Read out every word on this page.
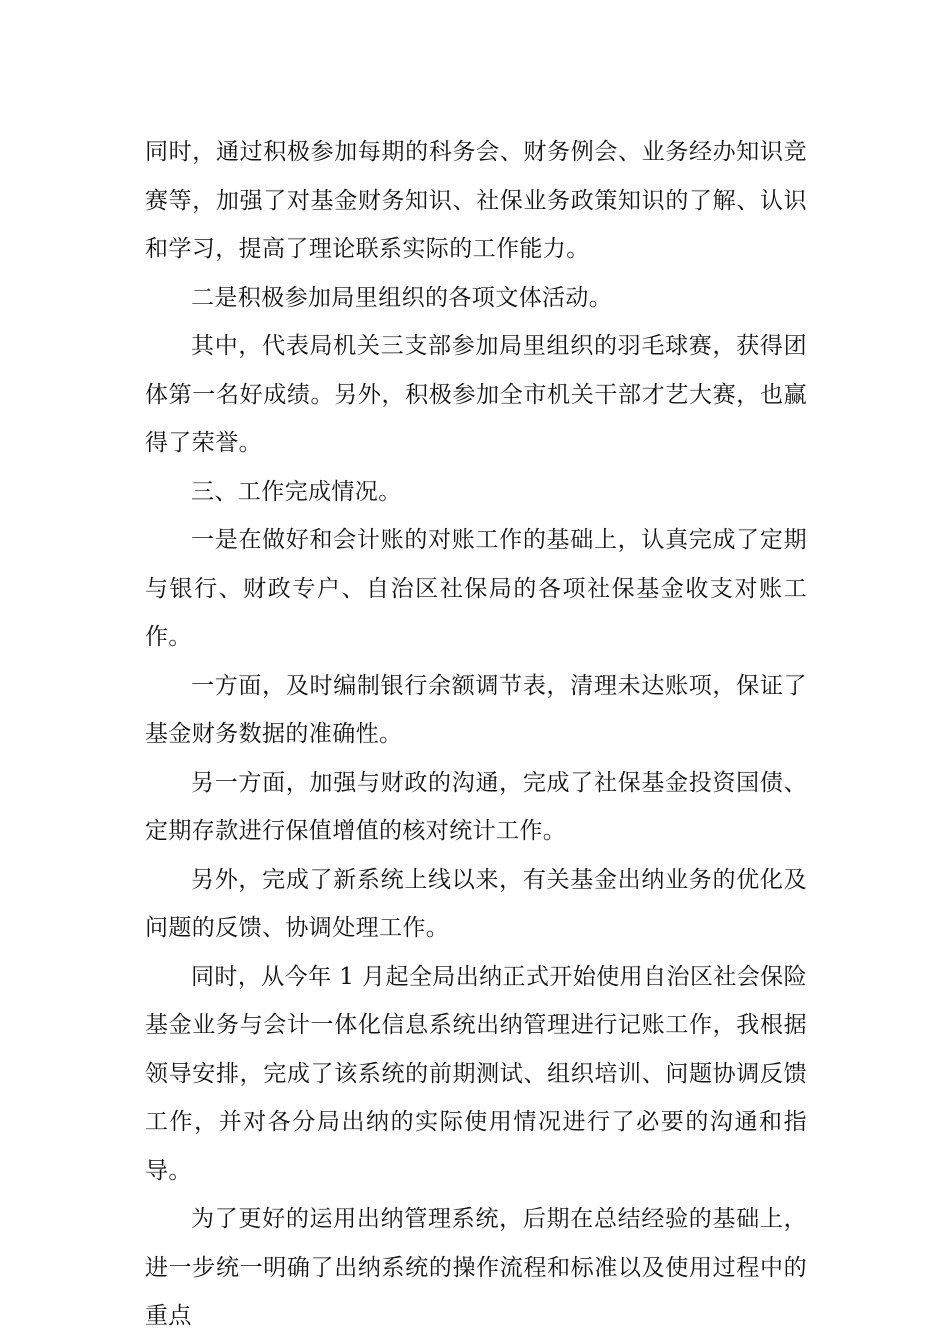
同时，通过积极参加每期的科务会、财务例会、业务经办知识竞赛等，加强了对基金财务知识、社保业务政策知识的了解、认识和学习，提高了理论联系实际的工作能力。

二是积极参加局里组织的各项文体活动。

其中，代表局机关三支部参加局里组织的羽毛球赛，获得团体第一名好成绩。另外，积极参加全市机关干部才艺大赛，也赢得了荣誉。

三、工作完成情况。

一是在做好和会计账的对账工作的基础上，认真完成了定期与银行、财政专户、自治区社保局的各项社保基金收支对账工作。

一方面，及时编制银行余额调节表，清理未达账项，保证了基金财务数据的准确性。

另一方面，加强与财政的沟通，完成了社保基金投资国债、定期存款进行保值增值的核对统计工作。

另外，完成了新系统上线以来，有关基金出纳业务的优化及问题的反馈、协调处理工作。

同时，从今年 1 月起全局出纳正式开始使用自治区社会保险基金业务与会计一体化信息系统出纳管理进行记账工作，我根据领导安排，完成了该系统的前期测试、组织培训、问题协调反馈工作，并对各分局出纳的实际使用情况进行了必要的沟通和指导。

为了更好的运用出纳管理系统，后期在总结经验的基础上，进一步统一明确了出纳系统的操作流程和标准以及使用过程中的重点
